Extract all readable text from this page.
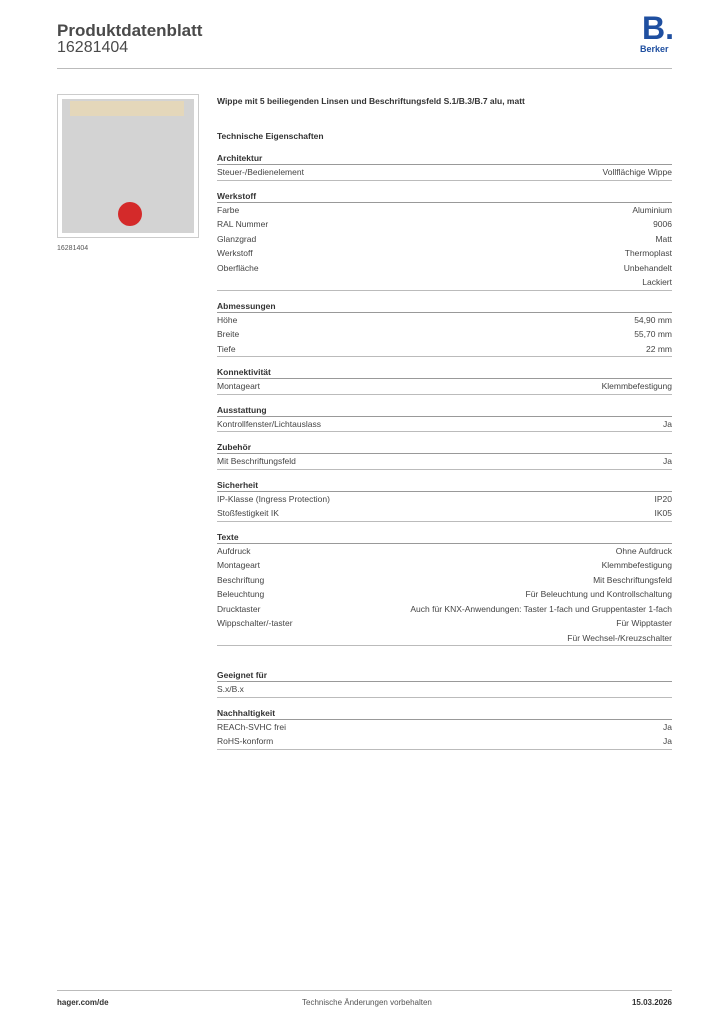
Produktdatenblatt
16281404
B.
Berker
16281404
Wippe mit 5 beiliegenden Linsen und Beschriftungsfeld S.1/B.3/B.7 alu, matt
Technische Eigenschaften
Architektur
Steuer-/Bedienelement	Vollflächige Wippe
Werkstoff
Farbe	Aluminium
RAL Nummer	9006
Glanzgrad	Matt
Werkstoff	Thermoplast
Oberfläche	Unbehandelt
Lackiert
Abmessungen
Höhe	54,90 mm
Breite	55,70 mm
Tiefe	22 mm
Konnektivität
Montageart	Klemmbefestigung
Ausstattung
Kontrollfenster/Lichtauslass	Ja
Zubehör
Mit Beschriftungsfeld	Ja
Sicherheit
IP-Klasse (Ingress Protection)	IP20
Stoßfestigkeit IK	IK05
Texte
Aufdruck	Ohne Aufdruck
Montageart	Klemmbefestigung
Beschriftung	Mit Beschriftungsfeld
Beleuchtung	Für Beleuchtung und Kontrollschaltung
Drucktaster	Auch für KNX-Anwendungen: Taster 1-fach und Gruppentaster 1-fach
Wippschalter/-taster	Für Wipptaster
Für Wechsel-/Kreuzschalter
Geeignet für
S.x/B.x
Nachhaltigkeit
REACh-SVHC frei	Ja
RoHS-konform	Ja
hager.com/de	Technische Änderungen vorbehalten	15.03.2026
